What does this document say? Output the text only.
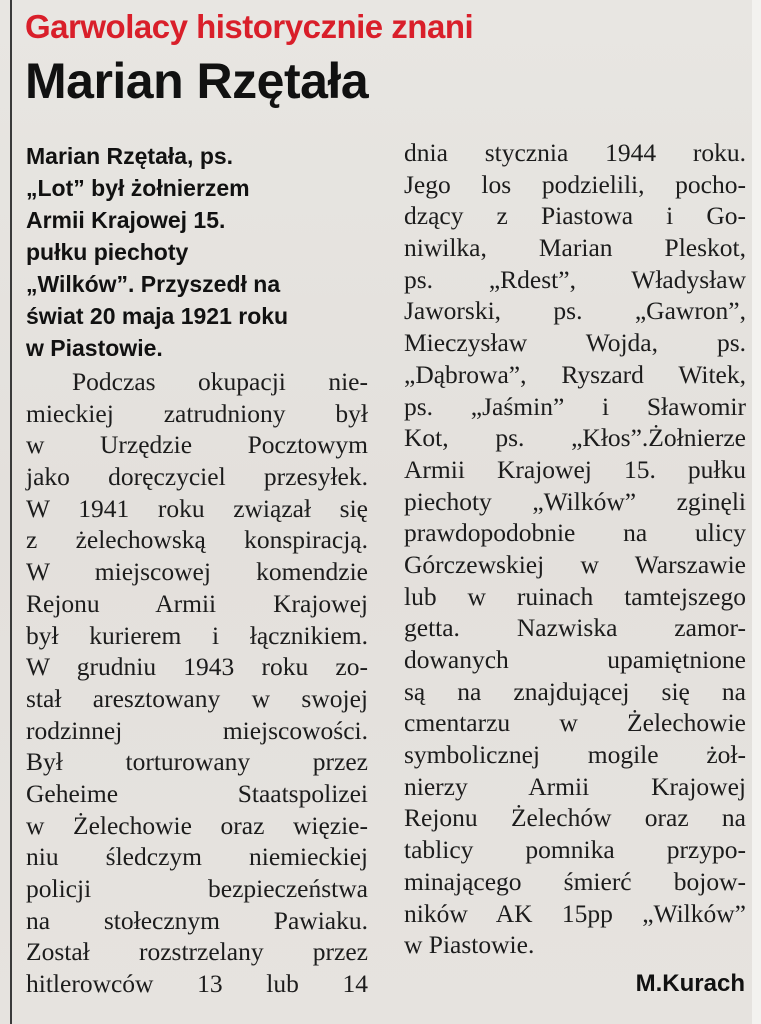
Garwolacy historycznie znani
Marian Rzętała

Marian Rzętała, ps.
„Lot” był żołnierzem
Armii Krajowej 15.
pułku piechoty
„Wilków”. Przyszedł na
świat 20 maja 1921 roku
w Piastowie.

Podczas okupacji nie-
mieckiej zatrudniony był
w Urzędzie Pocztowym
jako doręczyciel przesyłek.
W 1941 roku związał się
z żelechowską konspiracją.
W miejscowej komendzie
Rejonu Armii Krajowej
był kurierem i łącznikiem.
W grudniu 1943 roku zo-
stał aresztowany w swojej
rodzinnej miejscowości.
Był torturowany przez
Geheime Staatspolizei
w Żelechowie oraz więzie-
niu śledczym niemieckiej
policji bezpieczeństwa
na stołecznym Pawiaku.
Został rozstrzelany przez
hitlerowców 13 lub 14
dnia stycznia 1944 roku.
Jego los podzielili, pocho-
dzący z Piastowa i Go-
niwilka, Marian Pleskot,
ps. „Rdest”, Władysław
Jaworski, ps. „Gawron”,
Mieczysław Wojda, ps.
„Dąbrowa”, Ryszard Witek,
ps. „Jaśmin” i Sławomir
Kot, ps. „Kłos”.Żołnierze
Armii Krajowej 15. pułku
piechoty „Wilków” zginęli
prawdopodobnie na ulicy
Górczewskiej w Warszawie
lub w ruinach tamtejszego
getta. Nazwiska zamor-
dowanych upamiętnione
są na znajdującej się na
cmentarzu w Żelechowie
symbolicznej mogile żoł-
nierzy Armii Krajowej
Rejonu Żelechów oraz na
tablicy pomnika przypo-
minającego śmierć bojow-
ników AK 15pp „Wilków”
w Piastowie.
M.Kurach
